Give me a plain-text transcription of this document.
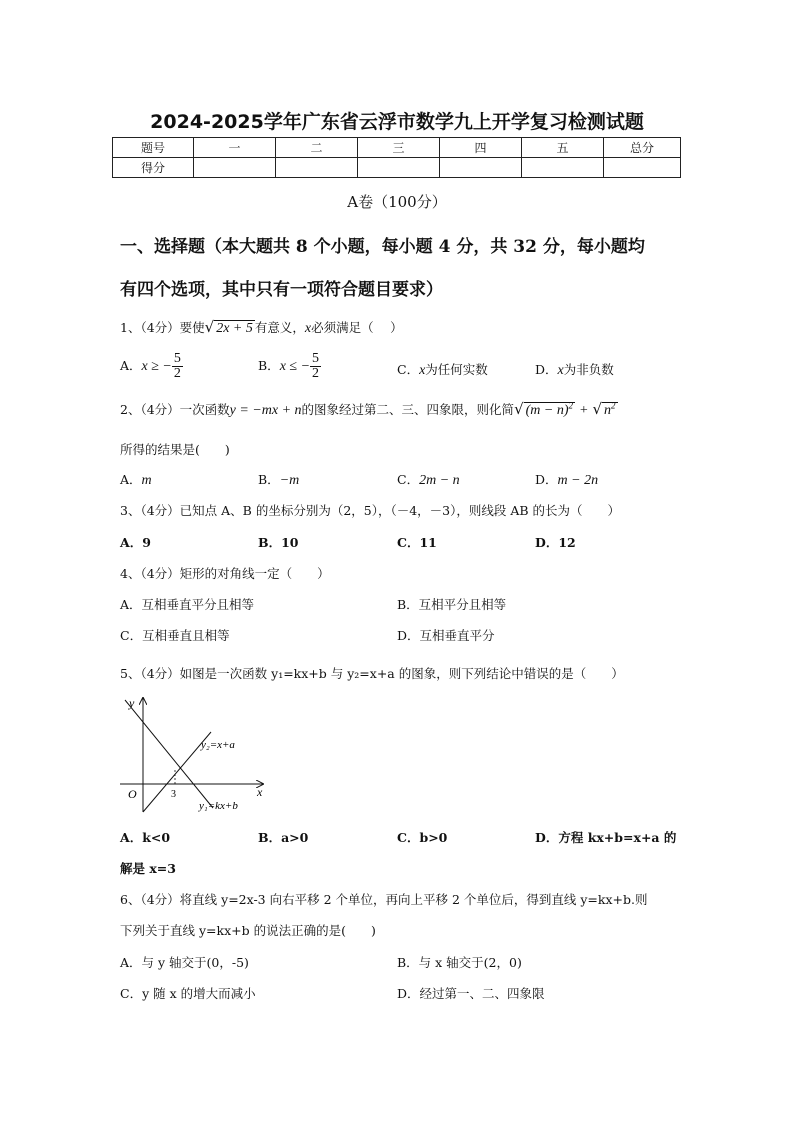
2024-2025学年广东省云浮市数学九上开学复习检测试题
题号	一	二	三	四	五	总分
得分						
A卷（100分）
一、选择题（本大题共 8 个小题，每小题 4 分，共 32 分，每小题均
有四个选项，其中只有一项符合题目要求）
1、（4分）要使√ 2x + 5 有意义，x必须满足（　 ）
A．x ≥ − $\frac{5}{2}$	B．x ≤ − $\frac{5}{2}$	C．x为任何实数	D．x为非负数
2、（4分）一次函数y = −mx + n的图象经过第二、三、四象限，则化简√ $(m - n)^2$ + √ $n^2$
所得的结果是(　　)
A．m	B．−m	C．2m − n	D．m − 2n
3、（4分）已知点 A、B 的坐标分别为（2，5），（－4，－3），则线段 AB 的长为（　　）
A．9	B．10	C．11	D．12
4、（4分）矩形的对角线一定（　　）
A．互相垂直平分且相等	B．互相平分且相等
C．互相垂直且相等	D．互相垂直平分
5、（4分）如图是一次函数 y₁=kx+b 与 y₂=x+a 的图象，则下列结论中错误的是（　　）
y
x
O	3
y₂=x+a
y₁=kx+b
A．k<0	B．a>0	C．b>0	D．方程 kx+b=x+a 的
解是 x=3
6、（4分）将直线 y=2x-3 向右平移 2 个单位，再向上平移 2 个单位后，得到直线 y=kx+b.则
下列关于直线 y=kx+b 的说法正确的是(　　)
A．与 y 轴交于(0，-5)	B．与 x 轴交于(2，0)
C．y 随 x 的增大而减小	D．经过第一、二、四象限
